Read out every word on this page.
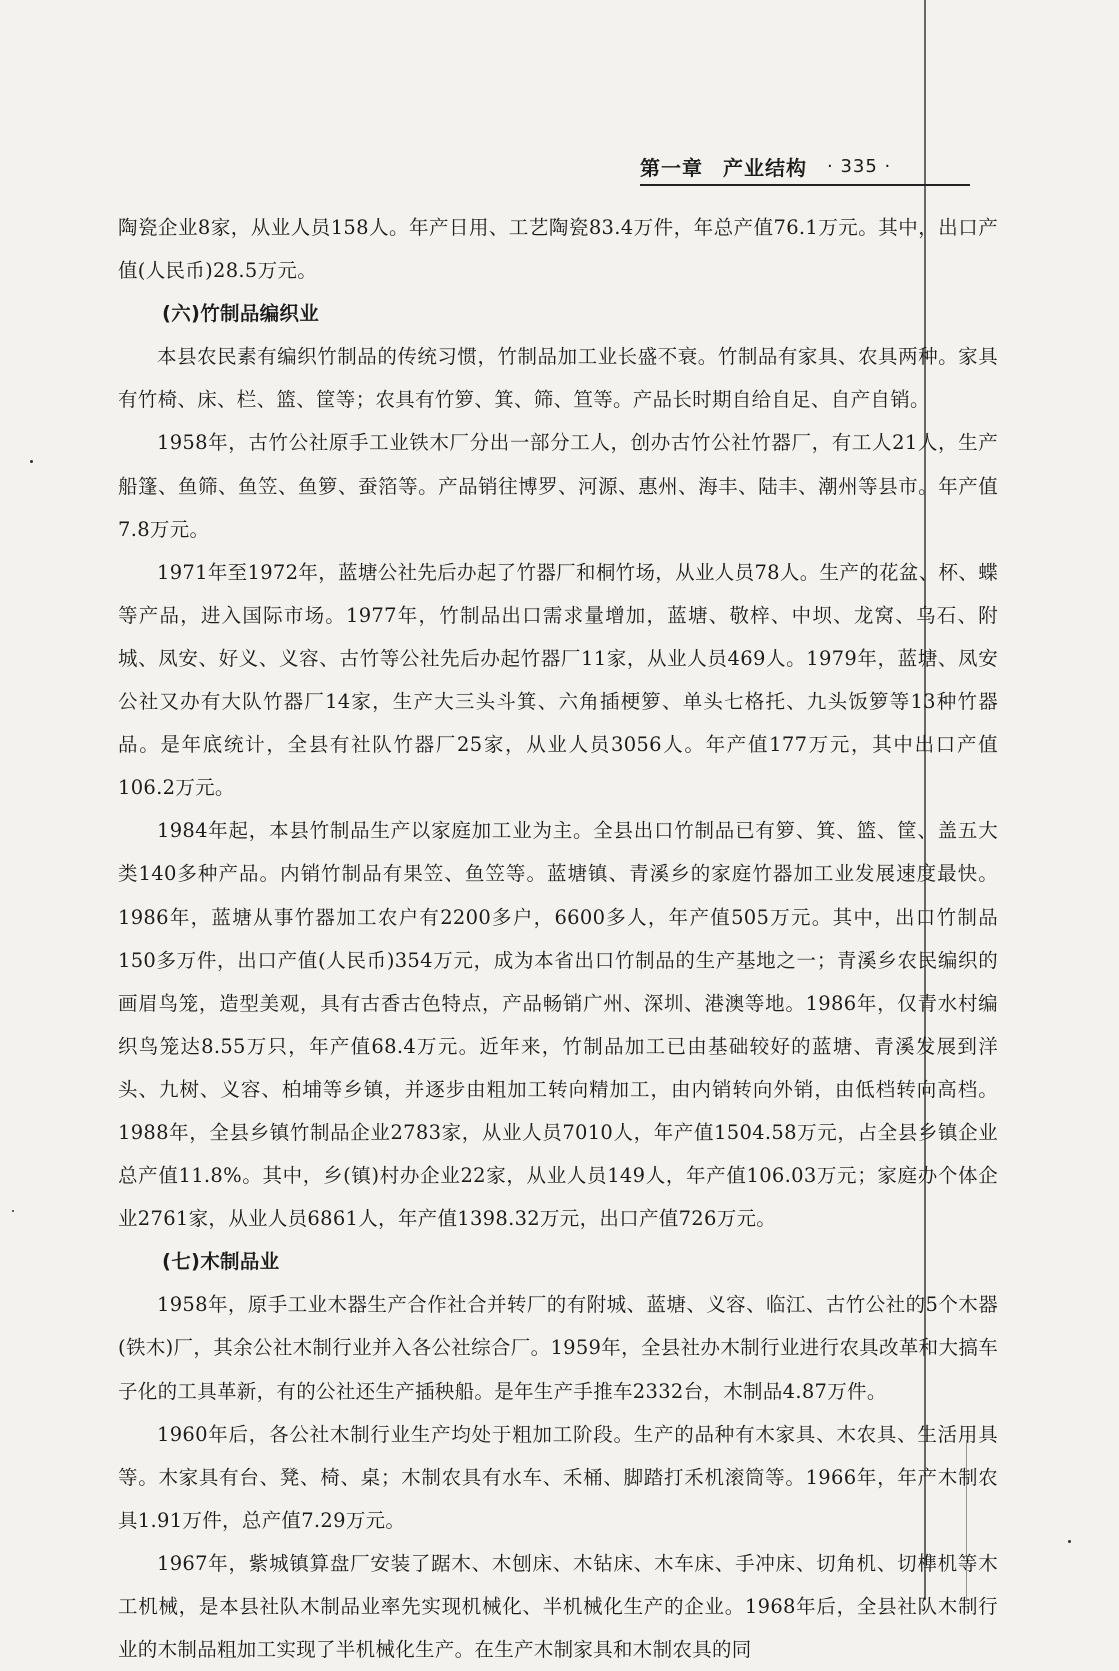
第一章 产业结构 · 335 ·

陶瓷企业8家，从业人员158人。年产日用、工艺陶瓷83.4万件，年总产值76.1万元。其中，出口产值(人民币)28.5万元。

(六)竹制品编织业

本县农民素有编织竹制品的传统习惯，竹制品加工业长盛不衰。竹制品有家具、农具两种。家具有竹椅、床、栏、篮、筐等；农具有竹箩、箕、筛、笪等。产品长时期自给自足、自产自销。

1958年，古竹公社原手工业铁木厂分出一部分工人，创办古竹公社竹器厂，有工人21人，生产船篷、鱼筛、鱼笠、鱼箩、蚕箔等。产品销往博罗、河源、惠州、海丰、陆丰、潮州等县市。年产值7.8万元。

1971年至1972年，蓝塘公社先后办起了竹器厂和桐竹场，从业人员78人。生产的花盆、杯、蝶等产品，进入国际市场。1977年，竹制品出口需求量增加，蓝塘、敬梓、中坝、龙窝、乌石、附城、凤安、好义、义容、古竹等公社先后办起竹器厂11家，从业人员469人。1979年，蓝塘、凤安公社又办有大队竹器厂14家，生产大三头斗箕、六角插梗箩、单头七格托、九头饭箩等13种竹器品。是年底统计，全县有社队竹器厂25家，从业人员3056人。年产值177万元，其中出口产值106.2万元。

1984年起，本县竹制品生产以家庭加工业为主。全县出口竹制品已有箩、箕、篮、筐、盖五大类140多种产品。内销竹制品有果笠、鱼笠等。蓝塘镇、青溪乡的家庭竹器加工业发展速度最快。1986年，蓝塘从事竹器加工农户有2200多户，6600多人，年产值505万元。其中，出口竹制品150多万件，出口产值(人民币)354万元，成为本省出口竹制品的生产基地之一；青溪乡农民编织的画眉鸟笼，造型美观，具有古香古色特点，产品畅销广州、深圳、港澳等地。1986年，仅青水村编织鸟笼达8.55万只，年产值68.4万元。近年来，竹制品加工已由基础较好的蓝塘、青溪发展到洋头、九树、义容、柏埔等乡镇，并逐步由粗加工转向精加工，由内销转向外销，由低档转向高档。1988年，全县乡镇竹制品企业2783家，从业人员7010人，年产值1504.58万元，占全县乡镇企业总产值11.8%。其中，乡(镇)村办企业22家，从业人员149人，年产值106.03万元；家庭办个体企业2761家，从业人员6861人，年产值1398.32万元，出口产值726万元。

(七)木制品业

1958年，原手工业木器生产合作社合并转厂的有附城、蓝塘、义容、临江、古竹公社的5个木器(铁木)厂，其余公社木制行业并入各公社综合厂。1959年，全县社办木制行业进行农具改革和大搞车子化的工具革新，有的公社还生产插秧船。是年生产手推车2332台，木制品4.87万件。

1960年后，各公社木制行业生产均处于粗加工阶段。生产的品种有木家具、木农具、生活用具等。木家具有台、凳、椅、桌；木制农具有水车、禾桶、脚踏打禾机滚筒等。1966年，年产木制农具1.91万件，总产值7.29万元。

1967年，紫城镇算盘厂安装了踞木、木刨床、木钻床、木车床、手冲床、切角机、切榫机等木工机械，是本县社队木制品业率先实现机械化、半机械化生产的企业。1968年后，全县社队木制行业的木制品粗加工实现了半机械化生产。在生产木制家具和木制农具的同
